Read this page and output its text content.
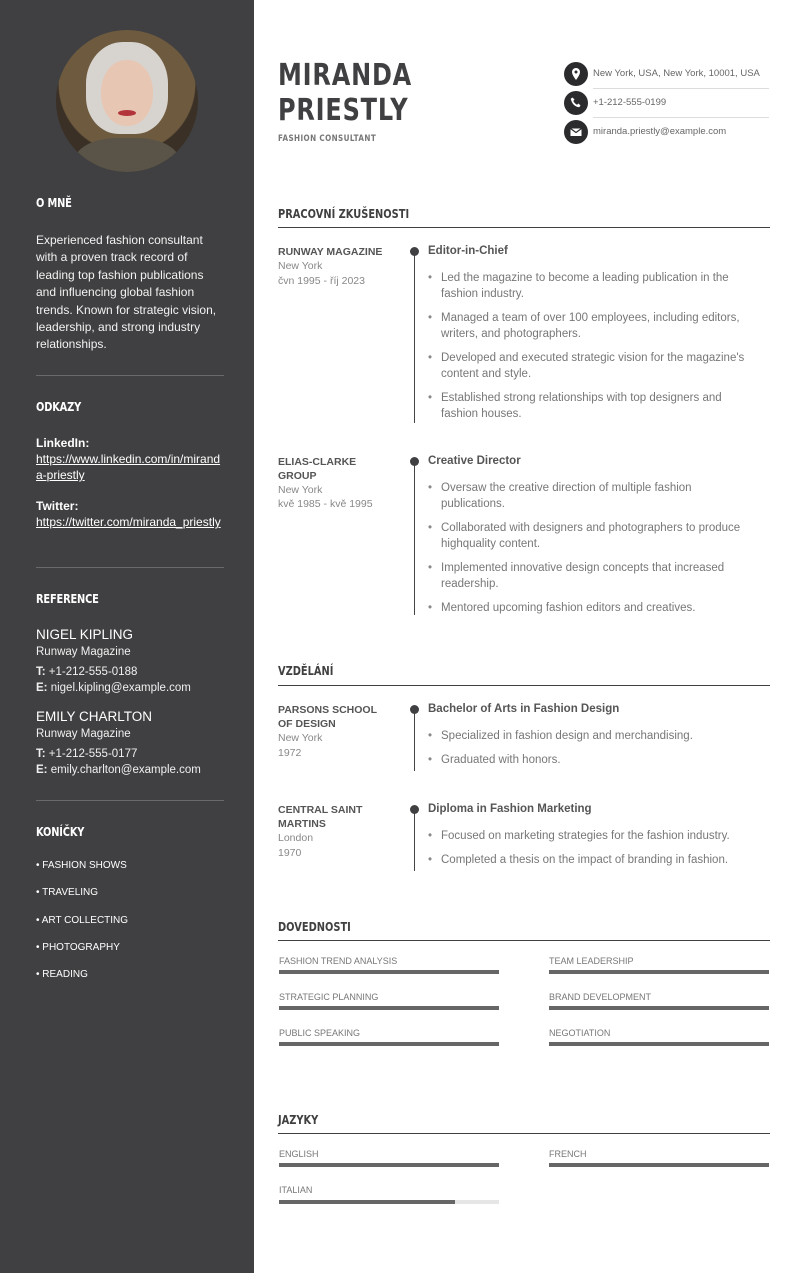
O MNĚ
Experienced fashion consultant with a proven track record of leading top fashion publications and influencing global fashion trends. Known for strategic vision, leadership, and strong industry relationships.
ODKAZY
LinkedIn:
https://www.linkedin.com/in/miranda-priestly
Twitter:
https://twitter.com/miranda_priestly
REFERENCE
NIGEL KIPLING
Runway Magazine
T: +1-212-555-0188
E: nigel.kipling@example.com
EMILY CHARLTON
Runway Magazine
T: +1-212-555-0177
E: emily.charlton@example.com
KONÍČKY
• FASHION SHOWS
• TRAVELING
• ART COLLECTING
• PHOTOGRAPHY
• READING
MIRANDA
PRIESTLY
FASHION CONSULTANT
New York, USA, New York, 10001, USA
+1-212-555-0199
miranda.priestly@example.com
PRACOVNÍ ZKUŠENOSTI
RUNWAY MAGAZINE
New York
čvn 1995 - říj 2023
Editor-in-Chief
• Led the magazine to become a leading publication in the fashion industry.
• Managed a team of over 100 employees, including editors, writers, and photographers.
• Developed and executed strategic vision for the magazine's content and style.
• Established strong relationships with top designers and fashion houses.
ELIAS-CLARKE GROUP
New York
kvě 1985 - kvě 1995
Creative Director
• Oversaw the creative direction of multiple fashion publications.
• Collaborated with designers and photographers to produce highquality content.
• Implemented innovative design concepts that increased readership.
• Mentored upcoming fashion editors and creatives.
VZDĚLÁNÍ
PARSONS SCHOOL OF DESIGN
New York
1972
Bachelor of Arts in Fashion Design
• Specialized in fashion design and merchandising.
• Graduated with honors.
CENTRAL SAINT MARTINS
London
1970
Diploma in Fashion Marketing
• Focused on marketing strategies for the fashion industry.
• Completed a thesis on the impact of branding in fashion.
DOVEDNOSTI
FASHION TREND ANALYSIS	TEAM LEADERSHIP
STRATEGIC PLANNING	BRAND DEVELOPMENT
PUBLIC SPEAKING	NEGOTIATION
JAZYKY
ENGLISH	FRENCH
ITALIAN
